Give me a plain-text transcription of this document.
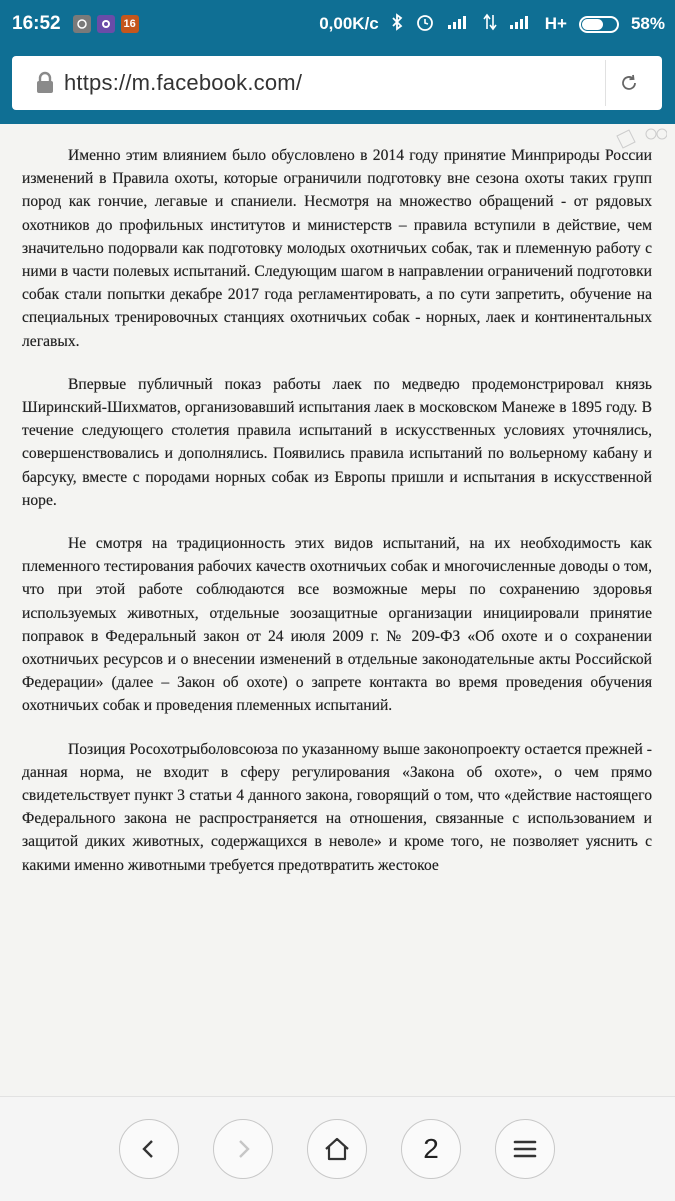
16:52	16	0,00K/c	H+	58%
https://m.facebook.com/

Именно этим влиянием было обусловлено в 2014 году принятие Минприроды России изменений в Правила охоты, которые ограничили подготовку вне сезона охоты таких групп пород как гончие, легавые и спаниели. Несмотря на множество обращений - от рядовых охотников до профильных институтов и министерств – правила вступили в действие, чем значительно подорвали как подготовку молодых охотничьих собак, так и племенную работу с ними в части полевых испытаний. Следующим шагом в направлении ограничений подготовки собак стали попытки декабре 2017 года регламентировать, а по сути запретить, обучение на специальных тренировочных станциях охотничьих собак - норных, лаек и континентальных легавых.

Впервые публичный показ работы лаек по медведю продемонстрировал князь Ширинский-Шихматов, организовавший испытания лаек в московском Манеже в 1895 году. В течение следующего столетия правила испытаний в искусственных условиях уточнялись, совершенствовались и дополнялись. Появились правила испытаний по вольерному кабану и барсуку, вместе с породами норных собак из Европы пришли и испытания в искусственной норе.

Не смотря на традиционность этих видов испытаний, на их необходимость как племенного тестирования рабочих качеств охотничьих собак и многочисленные доводы о том, что при этой работе соблюдаются все возможные меры по сохранению здоровья используемых животных, отдельные зоозащитные организации инициировали принятие поправок в Федеральный закон от 24 июля 2009 г. № 209-ФЗ «Об охоте и о сохранении охотничьих ресурсов и о внесении изменений в отдельные законодательные акты Российской Федерации» (далее – Закон об охоте) о запрете контакта во время проведения обучения охотничьих собак и проведения племенных испытаний.

Позиция Росохотрыболовсоюза по указанному выше законопроекту остается прежней - данная норма, не входит в сферу регулирования «Закона об охоте», о чем прямо свидетельствует пункт 3 статьи 4 данного закона, говорящий о том, что «действие настоящего Федерального закона не распространяется на отношения, связанные с использованием и защитой диких животных, содержащихся в неволе» и кроме того, не позволяет уяснить с какими именно животными требуется предотвратить жестокое

2
